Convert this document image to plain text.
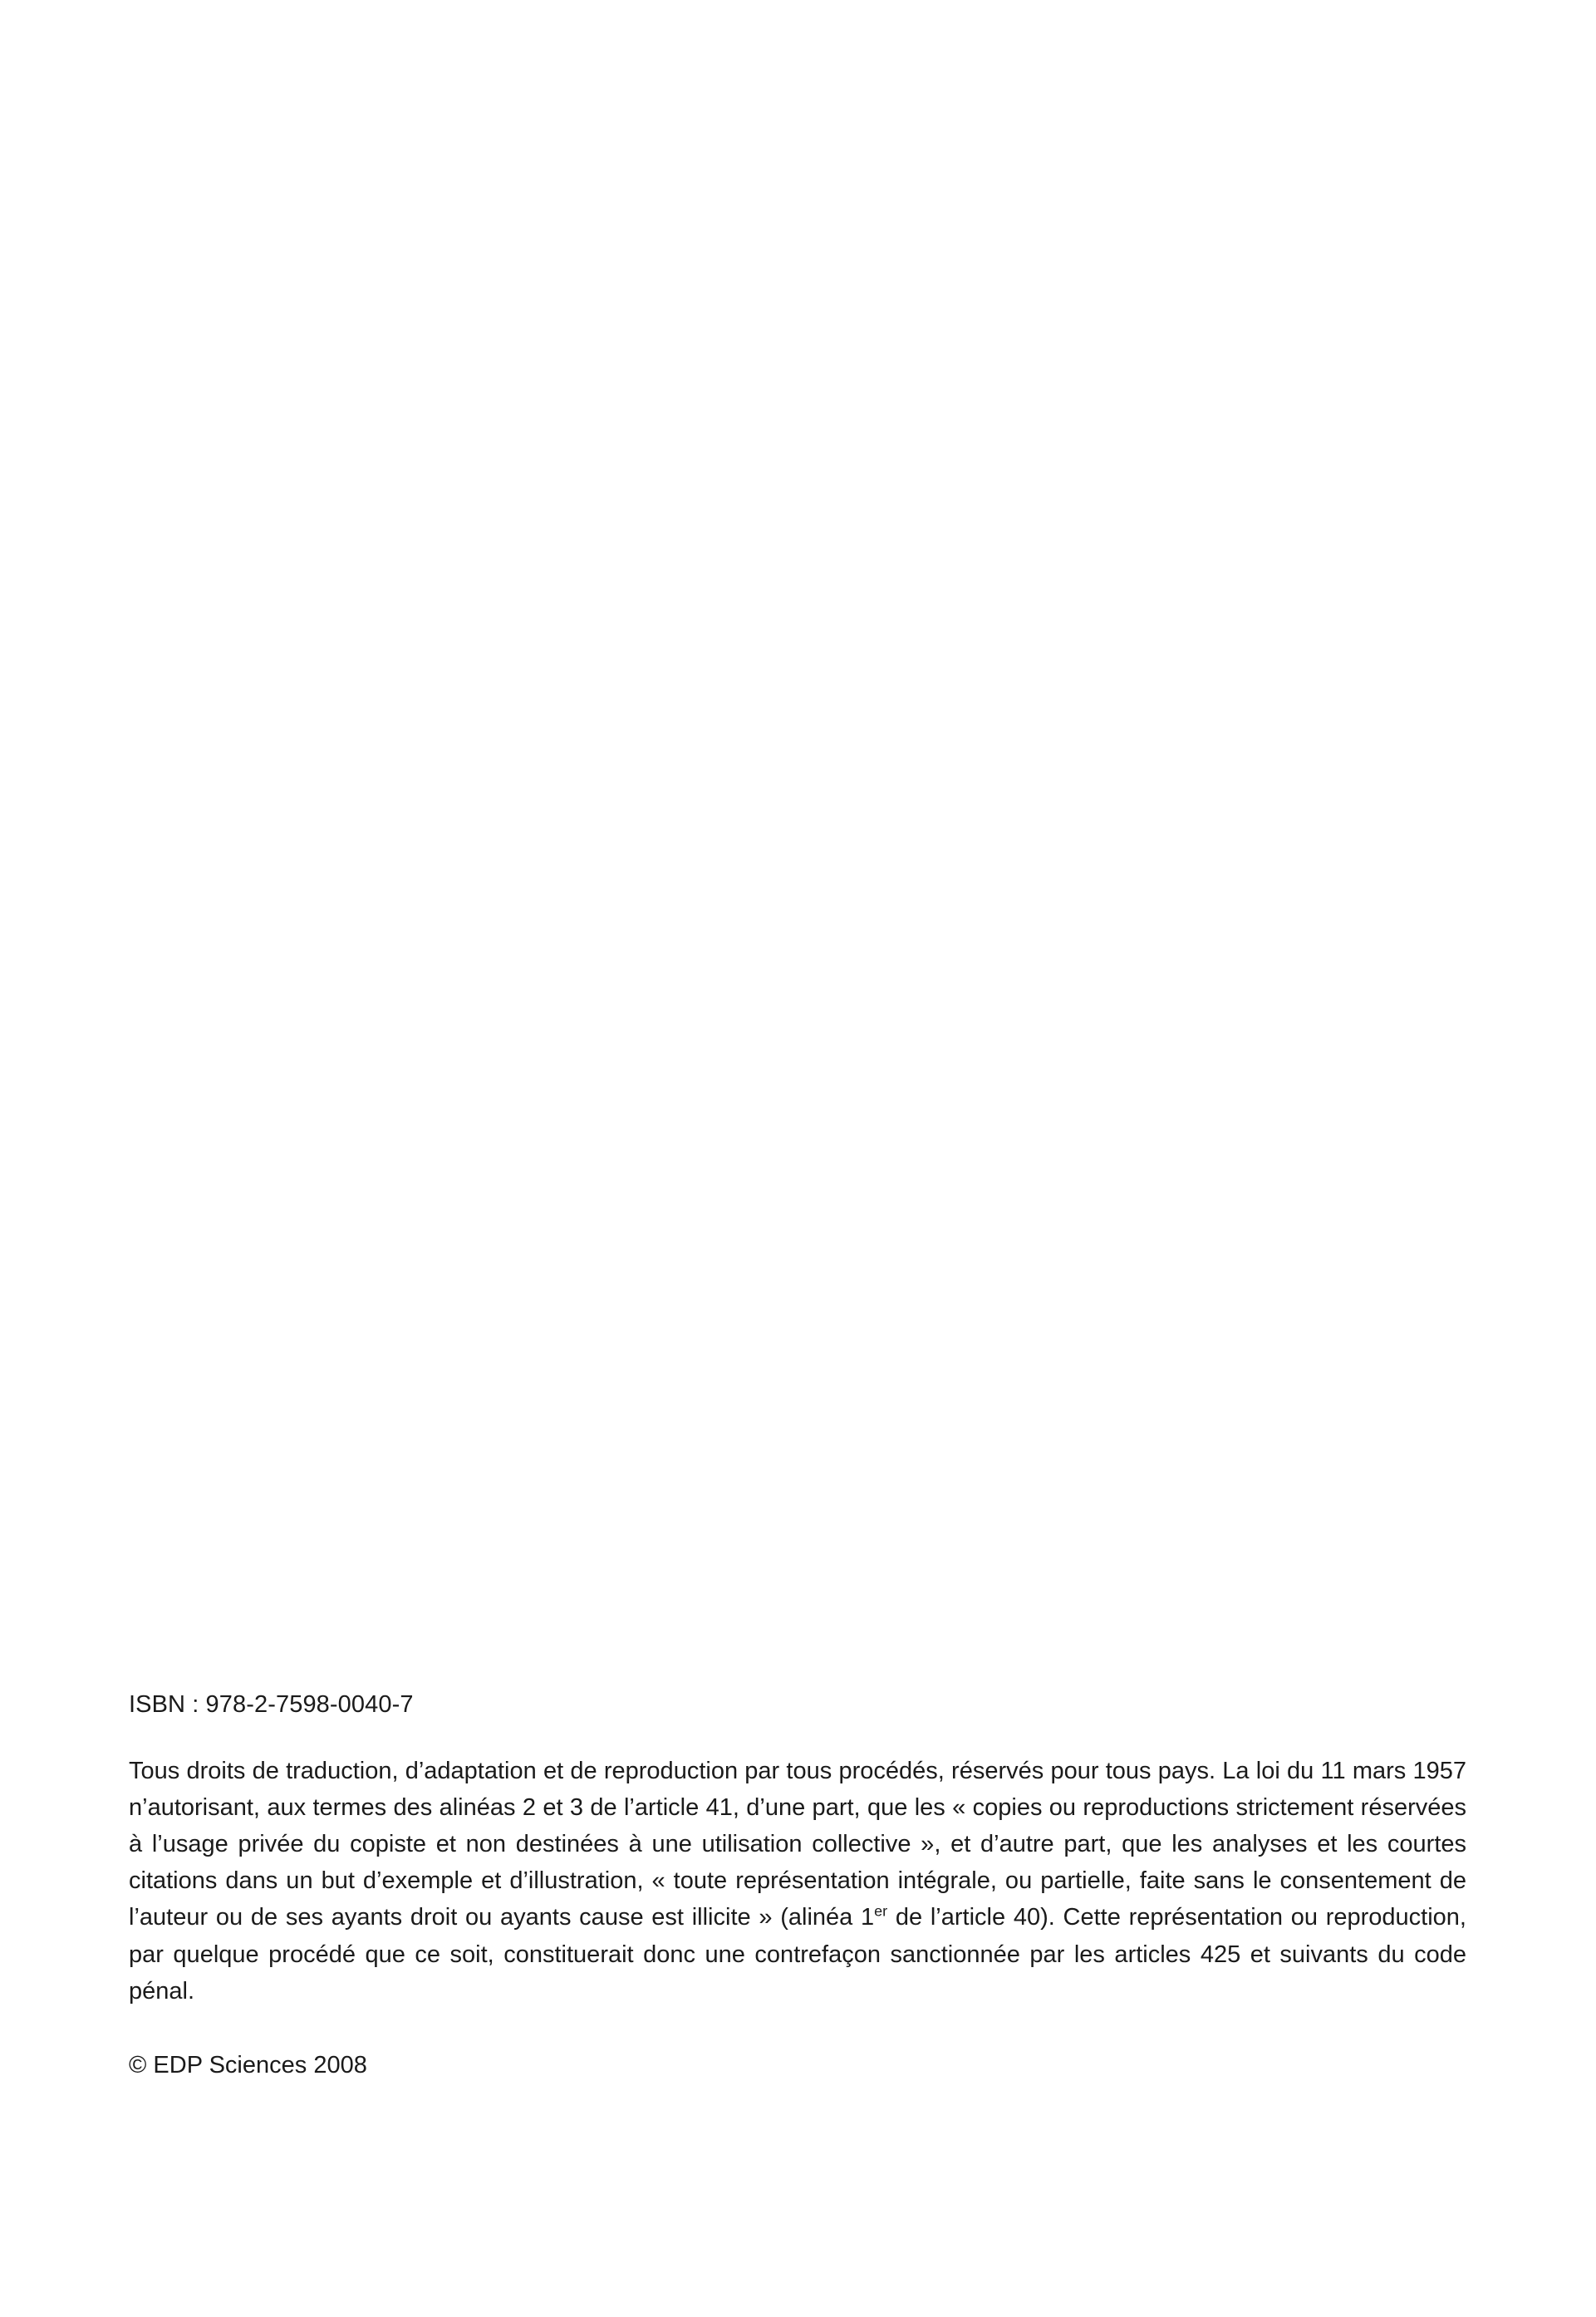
ISBN : 978-2-7598-0040-7

Tous droits de traduction, d’adaptation et de reproduction par tous procédés, réservés pour tous pays. La loi du 11 mars 1957 n’autorisant, aux termes des alinéas 2 et 3 de l’article 41, d’une part, que les « copies ou reproductions strictement réservées à l’usage privée du copiste et non destinées à une utilisation collective », et d’autre part, que les analyses et les courtes citations dans un but d’exemple et d’illustration, « toute représentation intégrale, ou partielle, faite sans le consentement de l’auteur ou de ses ayants droit ou ayants cause est illicite » (alinéa 1er de l’article 40). Cette représentation ou reproduction, par quelque procédé que ce soit, constituerait donc une contrefaçon sanctionnée par les articles 425 et suivants du code pénal.

© EDP Sciences 2008
